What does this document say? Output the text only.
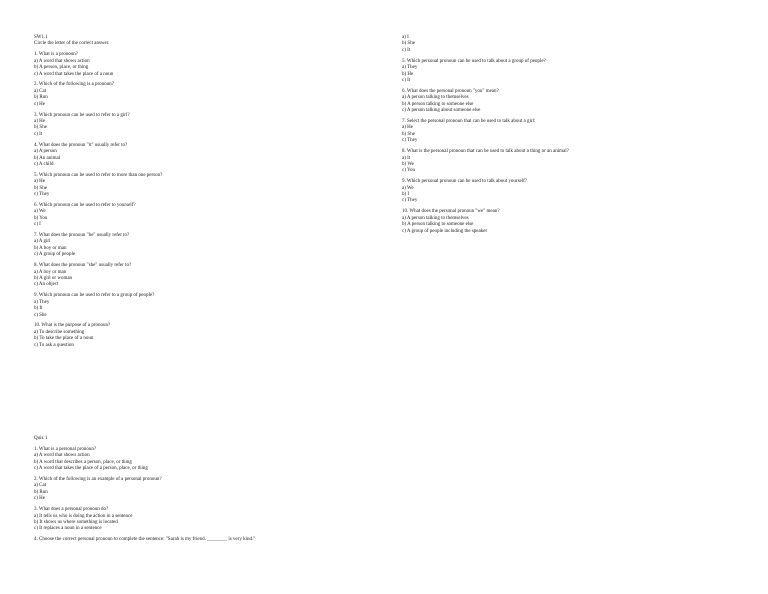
SW1.1
Circle the letter of the correct answer.
1. What is a pronoun?
a) A word that shows action
b) A person, place, or thing
c) A word that takes the place of a noun
2. Which of the following is a pronoun?
a) Cat
b) Run
c) He
3. Which pronoun can be used to refer to a girl?
a) He
b) She
c) It
4. What does the pronoun "it" usually refer to?
a) A person
b) An animal
c) A child
5. Which pronoun can be used to refer to more than one person?
a) He
b) She
c) They
6. Which pronoun can be used to refer to yourself?
a) We
b) You
c) I
7. What does the pronoun "he" usually refer to?
a) A girl
b) A boy or man
c) A group of people
8. What does the pronoun "she" usually refer to?
a) A boy or man
b) A girl or woman
c) An object
9. Which pronoun can be used to refer to a group of people?
a) They
b) It
c) She
10. What is the purpose of a pronoun?
a) To describe something
b) To take the place of a noun
c) To ask a question
a) I
b) She
c) It
5. Which personal pronoun can be used to talk about a group of people?
a) They
b) He
c) It
6. What does the personal pronoun "you" mean?
a) A person talking to themselves
b) A person talking to someone else
c) A person talking about someone else
7. Select the personal pronoun that can be used to talk about a girl:
a) He
b) She
c) They
8. What is the personal pronoun that can be used to talk about a thing or an animal?
a) It
b) We
c) You
9. Which personal pronoun can be used to talk about yourself?
a) We
b) I
c) They
10. What does the personal pronoun "we" mean?
a) A person talking to themselves
b) A person talking to someone else
c) A group of people including the speaker
Quiz 1
1. What is a personal pronoun?
a) A word that shows action
b) A word that describes a person, place, or thing
c) A word that takes the place of a person, place, or thing
2. Which of the following is an example of a personal pronoun?
a) Cat
b) Run
c) He
3. What does a personal pronoun do?
a) It tells us who is doing the action in a sentence
b) It shows us where something is located
c) It replaces a noun in a sentence
4. Choose the correct personal pronoun to complete the sentence: "Sarah is my friend. ________ is very kind."
